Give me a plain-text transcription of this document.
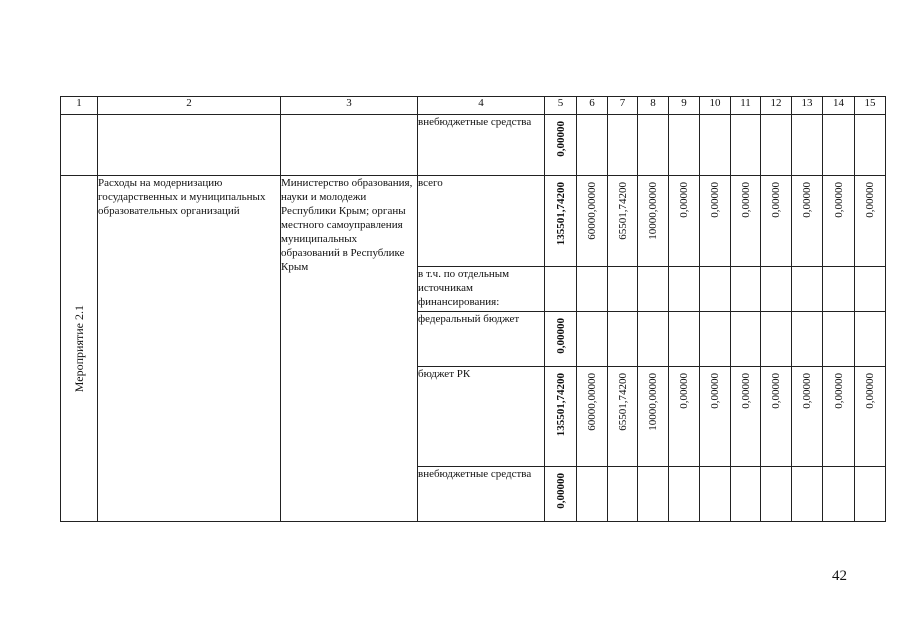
1	2	3	4	5	6	7	8	9	10	11	12	13	14	15
			внебюджетные средства	0,00000										

Мероприятие 2.1	Расходы на модернизацию государственных и муниципальных образовательных организаций	Министерство образования, науки и молодежи Республики Крым; органы местного самоуправления муниципальных образований в Республике Крым	всего	135501,74200	60000,00000	65501,74200	10000,00000	0,00000	0,00000	0,00000	0,00000	0,00000	0,00000	0,00000

			в т.ч. по отдельным источникам финансирования:											
			федеральный бюджет	0,00000										

			бюджет РК	135501,74200	60000,00000	65501,74200	10000,00000	0,00000	0,00000	0,00000	0,00000	0,00000	0,00000	0,00000

			внебюджетные средства	0,00000										

42
